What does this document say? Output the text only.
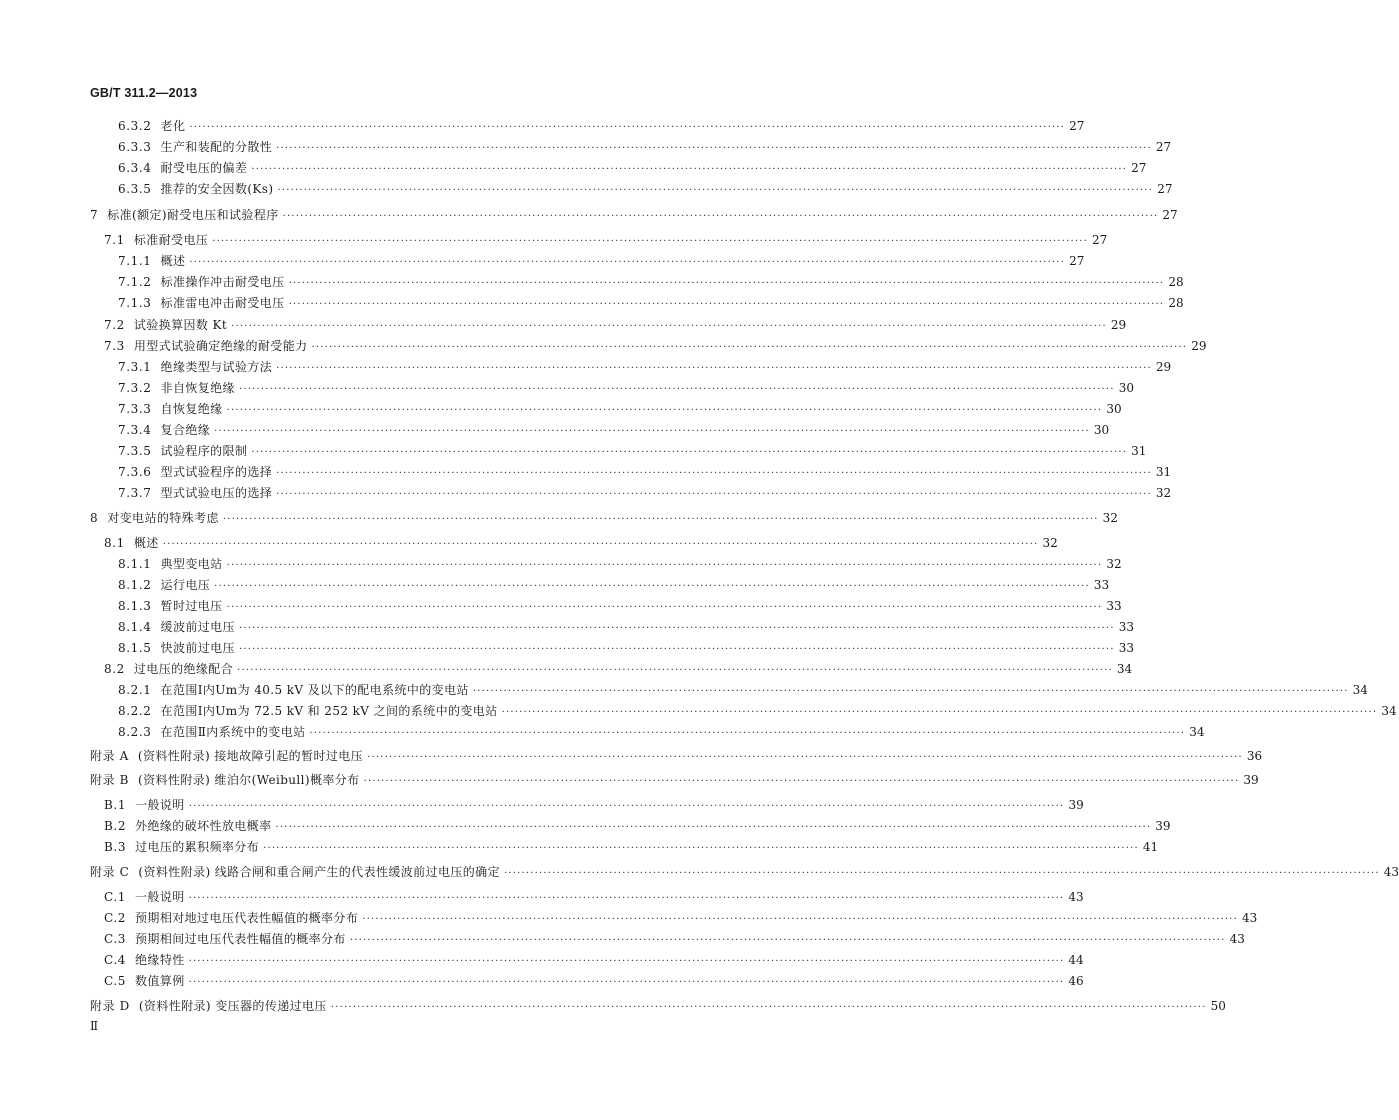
GB/T 311.2—2013
6.3.2 老化 ········································································································································································································ 27
6.3.3 生产和装配的分散性 ········································································································································································································ 27
6.3.4 耐受电压的偏差 ········································································································································································································ 27
6.3.5 推荐的安全因数(Ks) ········································································································································································································ 27
7 标准(额定)耐受电压和试验程序 ········································································································································································································ 27
7.1 标准耐受电压 ········································································································································································································ 27
7.1.1 概述 ········································································································································································································ 27
7.1.2 标准操作冲击耐受电压 ········································································································································································································ 28
7.1.3 标准雷电冲击耐受电压 ········································································································································································································ 28
7.2 试验换算因数 Kt ········································································································································································································ 29
7.3 用型式试验确定绝缘的耐受能力 ········································································································································································································ 29
7.3.1 绝缘类型与试验方法 ········································································································································································································ 29
7.3.2 非自恢复绝缘 ········································································································································································································ 30
7.3.3 自恢复绝缘 ········································································································································································································ 30
7.3.4 复合绝缘 ········································································································································································································ 30
7.3.5 试验程序的限制 ········································································································································································································ 31
7.3.6 型式试验程序的选择 ········································································································································································································ 31
7.3.7 型式试验电压的选择 ········································································································································································································ 32
8 对变电站的特殊考虑 ········································································································································································································ 32
8.1 概述 ········································································································································································································ 32
8.1.1 典型变电站 ········································································································································································································ 32
8.1.2 运行电压 ········································································································································································································ 33
8.1.3 暂时过电压 ········································································································································································································ 33
8.1.4 缓波前过电压 ········································································································································································································ 33
8.1.5 快波前过电压 ········································································································································································································ 33
8.2 过电压的绝缘配合 ········································································································································································································ 34
8.2.1 在范围Ⅰ内Um为 40.5 kV 及以下的配电系统中的变电站 ········································································································································································································ 34
8.2.2 在范围Ⅰ内Um为 72.5 kV 和 252 kV 之间的系统中的变电站 ········································································································································································································ 34
8.2.3 在范围Ⅱ内系统中的变电站 ········································································································································································································ 34
附录 A (资料性附录) 接地故障引起的暂时过电压 ········································································································································································································ 36
附录 B (资料性附录) 维泊尔(Weibull)概率分布 ········································································································································································································ 39
B.1 一般说明 ········································································································································································································ 39
B.2 外绝缘的破坏性放电概率 ········································································································································································································ 39
B.3 过电压的累积频率分布 ········································································································································································································ 41
附录 C (资料性附录) 线路合闸和重合闸产生的代表性缓波前过电压的确定 ········································································································································································································ 43
C.1 一般说明 ········································································································································································································ 43
C.2 预期相对地过电压代表性幅值的概率分布 ········································································································································································································ 43
C.3 预期相间过电压代表性幅值的概率分布 ········································································································································································································ 43
C.4 绝缘特性 ········································································································································································································ 44
C.5 数值算例 ········································································································································································································ 46
附录 D (资料性附录) 变压器的传递过电压 ········································································································································································································ 50
Ⅱ
